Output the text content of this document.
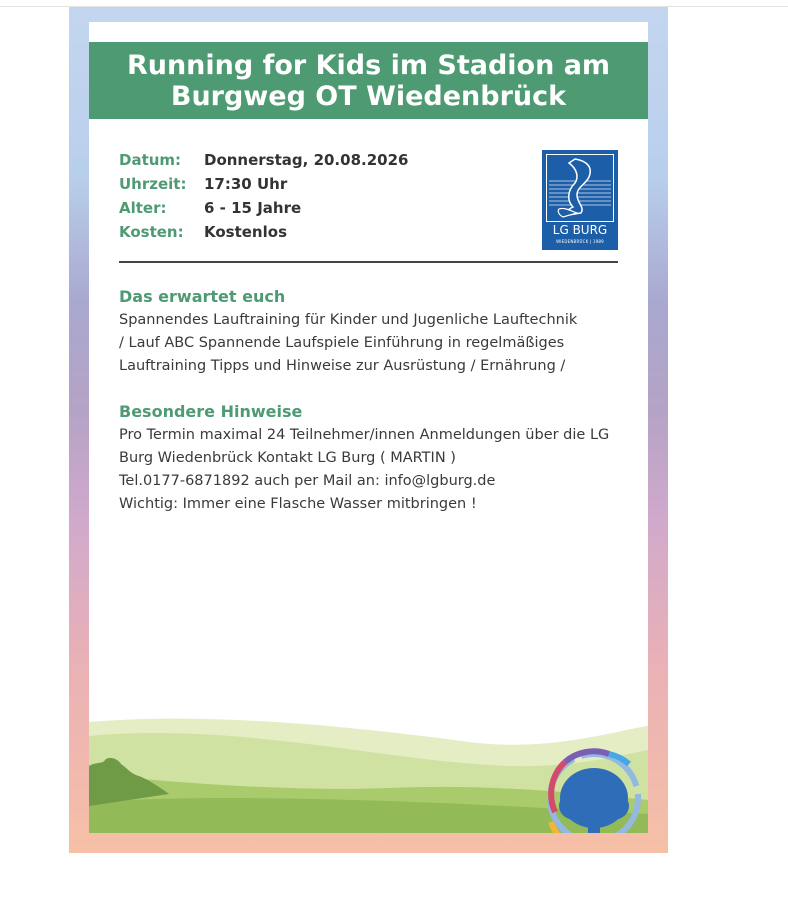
Running for Kids im Stadion am
Burgweg OT Wiedenbrück
Datum:	Donnerstag, 20.08.2026
Uhrzeit:	17:30 Uhr
Alter:	6 - 15 Jahre
Kosten:	Kostenlos	LG BURG
WIEDENBRÜCK | 1989
Das erwartet euch
Spannendes Lauftraining für Kinder und Jugenliche Lauftechnik
/ Lauf ABC Spannende Laufspiele Einführung in regelmäßiges
Lauftraining Tipps und Hinweise zur Ausrüstung / Ernährung /
Besondere Hinweise
Pro Termin maximal 24 Teilnehmer/innen Anmeldungen über die LG
Burg Wiedenbrück Kontakt LG Burg ( MARTIN )
Tel.0177-6871892 auch per Mail an: info@lgburg.de
Wichtig: Immer eine Flasche Wasser mitbringen !
